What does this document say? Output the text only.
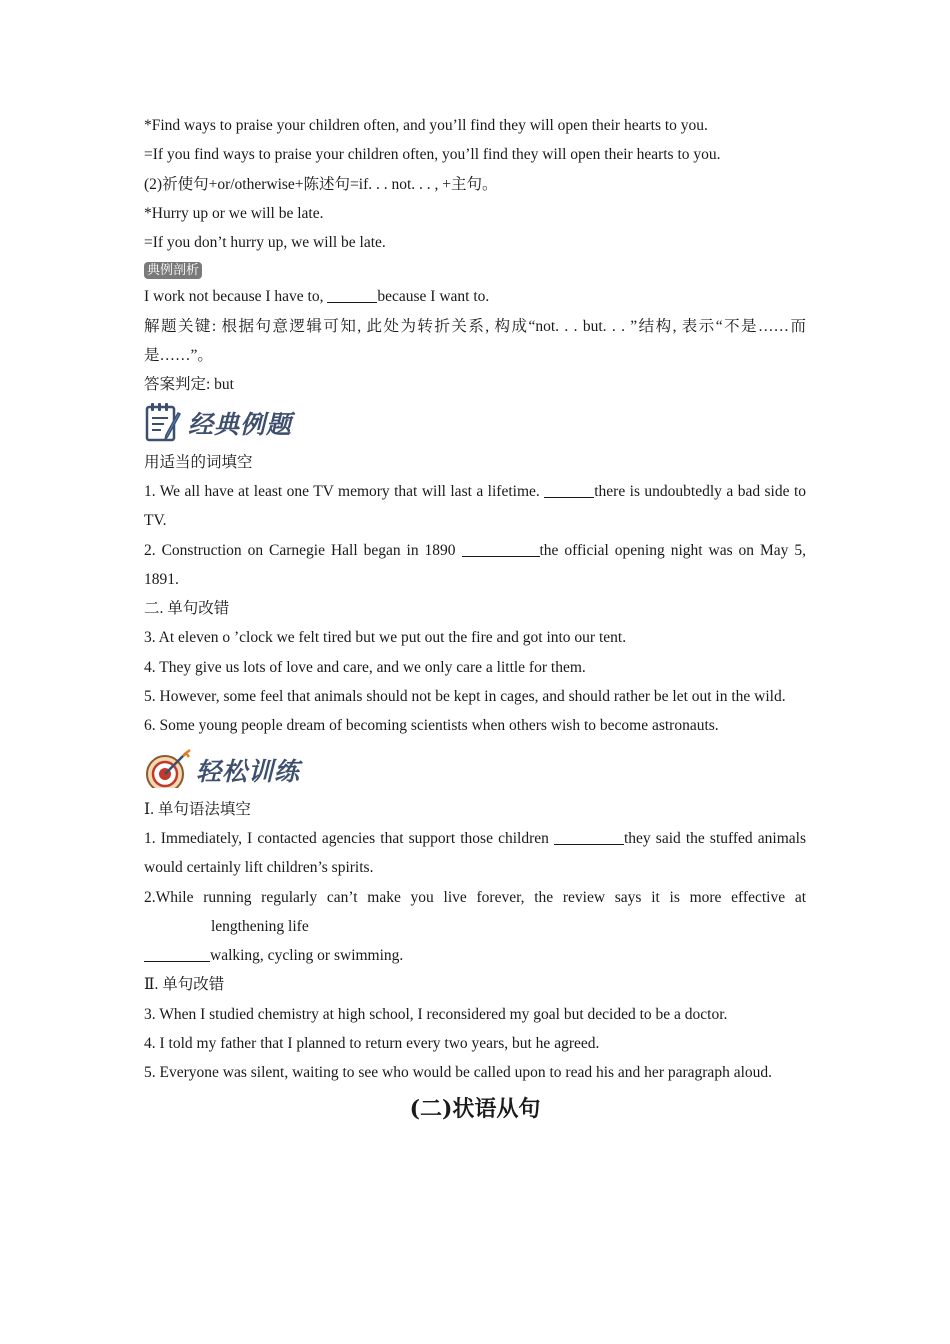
*Find ways to praise your children often, and you’ll find they will open their hearts to you.
=If you find ways to praise your children often, you’ll find they will open their hearts to you.
(2)祈使句+or/otherwise+陈述句=if. . . not. . . , +主句。
*Hurry up or we will be late.
=If you don’t hurry up, we will be late.
典例剖析
I work not because I have to,	because I want to.
解题关键: 根据句意逻辑可知, 此处为转折关系, 构成“not. . . but. . . ”结构, 表示“不是……而是……”。
答案判定: but
经典例题
用适当的词填空
1. We all have at least one TV memory that will last a lifetime.	there is undoubtedly a bad side to TV.
2. Construction on Carnegie Hall began in 1890	the official opening night was on May 5, 1891.
二. 单句改错
3. At eleven o ’clock we felt tired but we put out the fire and got into our tent.
4. They give us lots of love and care, and we only care a little for them.
5. However, some feel that animals should not be kept in cages, and should rather be let out in the wild.
6. Some young people dream of becoming scientists when others wish to become astronauts.
轻松训练
Ⅰ. 单句语法填空
1. Immediately, I contacted agencies that support those children	they said the stuffed animals would certainly lift children’s spirits.
2.While running regularly can’t make you live forever, the review says it is more effective at
lengthening life
walking, cycling or swimming.
Ⅱ. 单句改错
3. When I studied chemistry at high school, I reconsidered my goal but decided to be a doctor.
4. I told my father that I planned to return every two years, but he agreed.
5. Everyone was silent, waiting to see who would be called upon to read his and her paragraph aloud.
(二)状语从句
